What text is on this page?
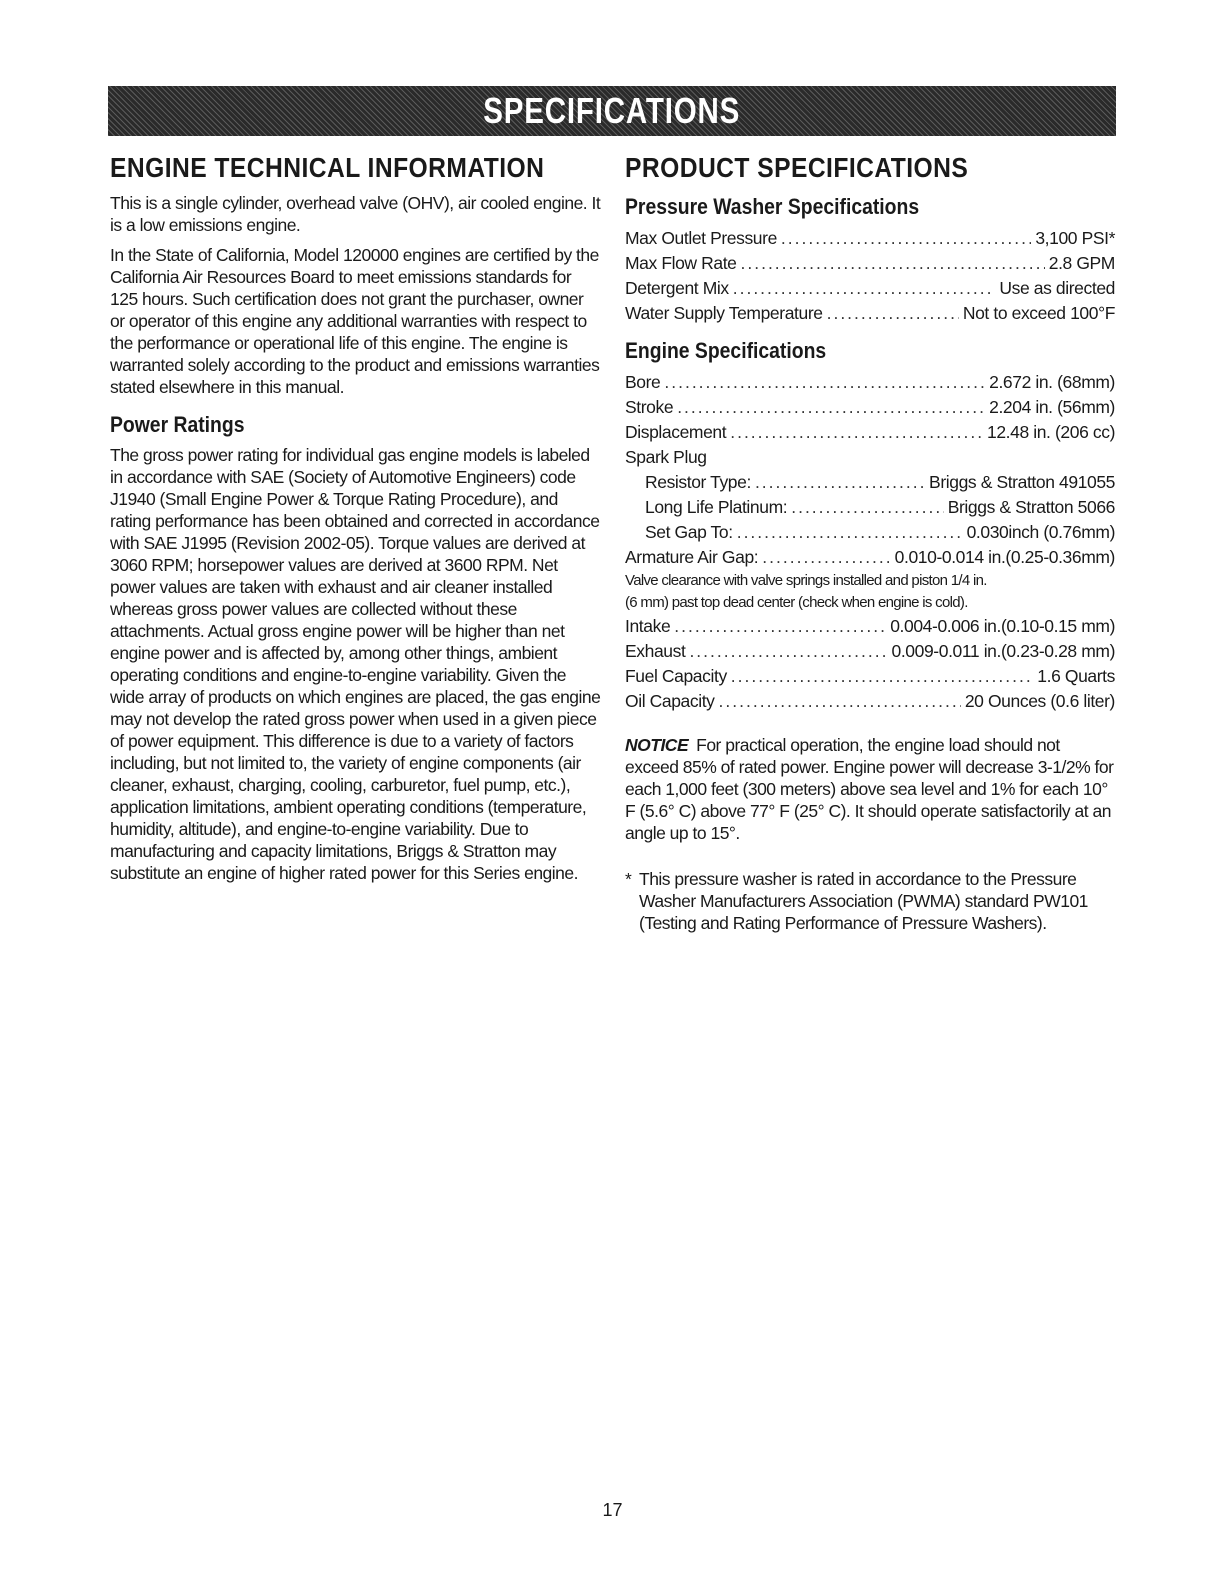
SPECIFICATIONS
ENGINE TECHNICAL INFORMATION

This is a single cylinder, overhead valve (OHV), air cooled engine. It is a low emissions engine.

In the State of California, Model 120000 engines are certified by the California Air Resources Board to meet emissions standards for 125 hours. Such certification does not grant the purchaser, owner or operator of this engine any additional warranties with respect to the performance or operational life of this engine. The engine is warranted solely according to the product and emissions warranties stated elsewhere in this manual.

Power Ratings

The gross power rating for individual gas engine models is labeled in accordance with SAE (Society of Automotive Engineers) code J1940 (Small Engine Power & Torque Rating Procedure), and rating performance has been obtained and corrected in accordance with SAE J1995 (Revision 2002-05). Torque values are derived at 3060 RPM; horsepower values are derived at 3600 RPM. Net power values are taken with exhaust and air cleaner installed whereas gross power values are collected without these attachments. Actual gross engine power will be higher than net engine power and is affected by, among other things, ambient operating conditions and engine-to-engine variability. Given the wide array of products on which engines are placed, the gas engine may not develop the rated gross power when used in a given piece of power equipment. This difference is due to a variety of factors including, but not limited to, the variety of engine components (air cleaner, exhaust, charging, cooling, carburetor, fuel pump, etc.), application limitations, ambient operating conditions (temperature, humidity, altitude), and engine-to-engine variability. Due to manufacturing and capacity limitations, Briggs & Stratton may substitute an engine of higher rated power for this Series engine.

PRODUCT SPECIFICATIONS
Pressure Washer Specifications
Max Outlet Pressure .....	3,100 PSI*
Max Flow Rate .....	2.8 GPM
Detergent Mix .....	Use as directed
Water Supply Temperature .....	Not to exceed 100°F
Engine Specifications
Bore .....	2.672 in. (68mm)
Stroke .....	2.204 in. (56mm)
Displacement .....	12.48 in. (206 cc)
Spark Plug
Resistor Type: .....	Briggs & Stratton 491055
Long Life Platinum: .....	Briggs & Stratton 5066
Set Gap To: .....	0.030inch (0.76mm)
Armature Air Gap: .....	0.010-0.014 in.(0.25-0.36mm)
Valve clearance with valve springs installed and piston 1/4 in.
(6 mm) past top dead center (check when engine is cold).
Intake .....	0.004-0.006 in.(0.10-0.15 mm)
Exhaust .....	0.009-0.011 in.(0.23-0.28 mm)
Fuel Capacity .....	1.6 Quarts
Oil Capacity .....	20 Ounces (0.6 liter)
NOTICE For practical operation, the engine load should not exceed 85% of rated power. Engine power will decrease 3-1/2% for each 1,000 feet (300 meters) above sea level and 1% for each 10° F (5.6° C) above 77° F (25° C). It should operate satisfactorily at an angle up to 15°.
* This pressure washer is rated in accordance to the Pressure Washer Manufacturers Association (PWMA) standard PW101 (Testing and Rating Performance of Pressure Washers).
17
